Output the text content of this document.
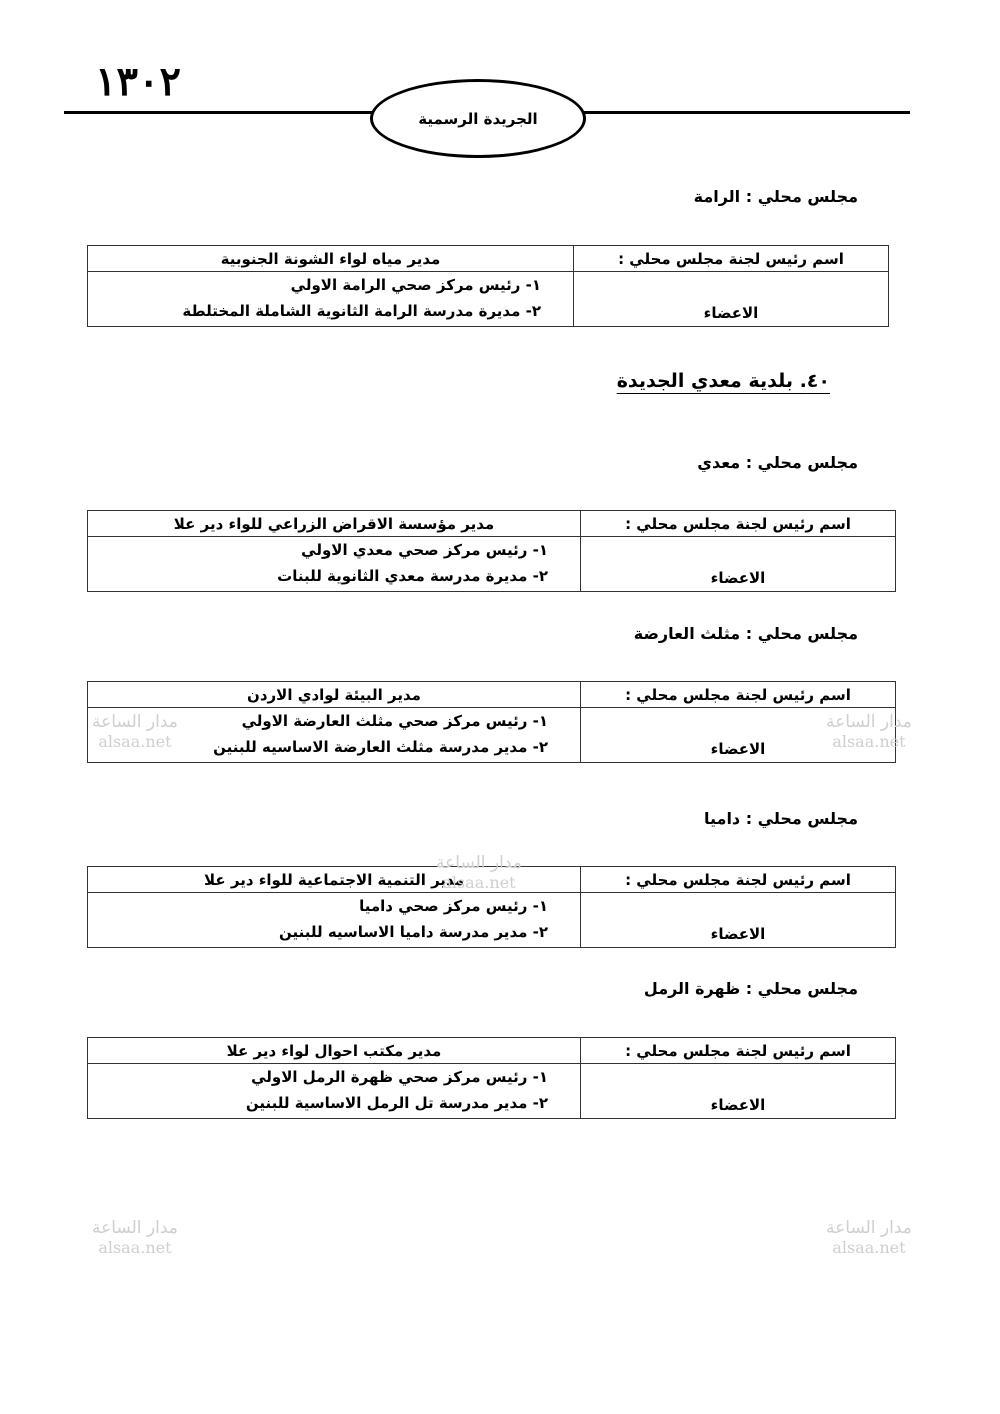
١٣٠٢
الجريدة الرسمية
مجلس محلي : الرامة
اسم رئيس لجنة مجلس محلي :	مدير مياه لواء الشونة الجنوبية
الاعضاء	١- رئيس مركز صحي الرامة الاولي
٢- مديرة مدرسة الرامة الثانوية الشاملة المختلطة
٤٠. بلدية معدي الجديدة
مجلس محلي : معدي
اسم رئيس لجنة مجلس محلي :	مدير مؤسسة الاقراض الزراعي للواء دير علا
الاعضاء	١- رئيس مركز صحي معدي الاولي
٢- مديرة مدرسة معدي الثانوية للبنات
مجلس محلي : مثلث العارضة
اسم رئيس لجنة مجلس محلي :	مدير البيئة لوادي الاردن
الاعضاء	١- رئيس مركز صحي مثلث العارضة الاولي
٢- مدير مدرسة مثلث العارضة الاساسيه للبنين
مجلس محلي : داميا
اسم رئيس لجنة مجلس محلي :	مدير التنمية الاجتماعية للواء دير علا
الاعضاء	١- رئيس مركز صحي داميا
٢- مدير مدرسة داميا الاساسيه للبنين
مجلس محلي : ظهرة الرمل
اسم رئيس لجنة مجلس محلي :	مدير مكتب احوال لواء دير علا
الاعضاء	١- رئيس مركز صحي ظهرة الرمل الاولي
٢- مدير مدرسة تل الرمل الاساسية للبنين
مدار الساعة
alsaa.net
مدار الساعة
alsaa.net
مدار الساعة
alsaa.net
مدار الساعة
alsaa.net
مدار الساعة
alsaa.net
